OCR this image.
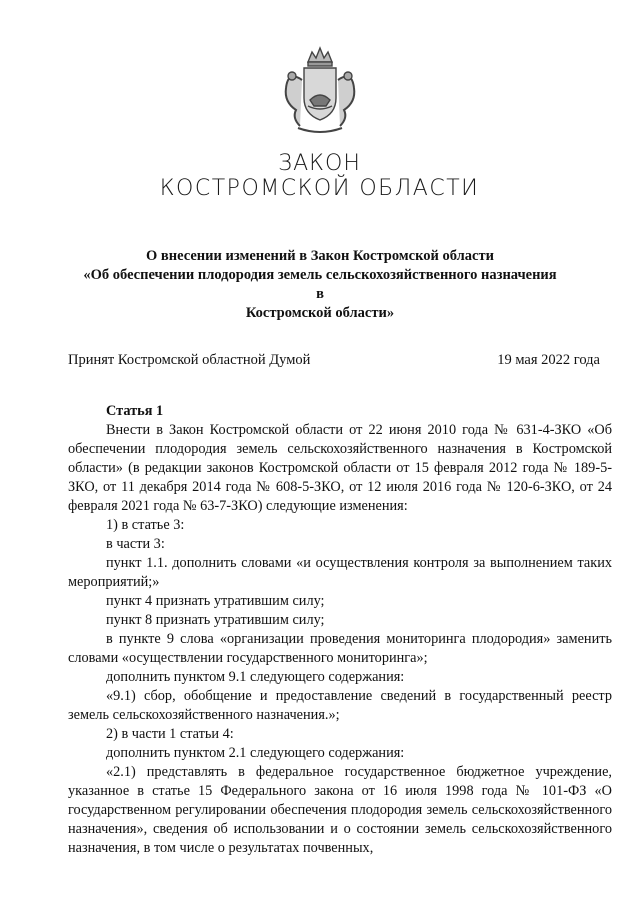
ЗАКОН
КОСТРОМСКОЙ ОБЛАСТИ
О внесении изменений в Закон Костромской области
«Об обеспечении плодородия земель сельскохозяйственного назначения в
Костромской области»
Принят Костромской областной Думой	19 мая 2022 года

Статья 1

Внести в Закон Костромской области от 22 июня 2010 года № 631-4-ЗКО «Об обеспечении плодородия земель сельскохозяйственного назначения в Костромской области» (в редакции законов Костромской области от 15 февраля 2012 года № 189-5-ЗКО, от 11 декабря 2014 года № 608-5-ЗКО, от 12 июля 2016 года № 120-6-ЗКО, от 24 февраля 2021 года № 63-7-ЗКО) следующие изменения:

1) в статье 3:

в части 3:

пункт 1.1. дополнить словами «и осуществления контроля за выполнением таких мероприятий;»

пункт 4 признать утратившим силу;

пункт 8 признать утратившим силу;

в пункте 9 слова «организации проведения мониторинга плодородия» заменить словами «осуществлении государственного мониторинга»;

дополнить пунктом 9.1 следующего содержания:

«9.1) сбор, обобщение и предоставление сведений в государственный реестр земель сельскохозяйственного назначения.»;

2) в части 1 статьи 4:

дополнить пунктом 2.1 следующего содержания:

«2.1) представлять в федеральное государственное бюджетное учреждение, указанное в статье 15 Федерального закона от 16 июля 1998 года № 101-ФЗ «О государственном регулировании обеспечения плодородия земель сельскохозяйственного назначения», сведения об использовании и о состоянии земель сельскохозяйственного назначения, в том числе о результатах почвенных,
